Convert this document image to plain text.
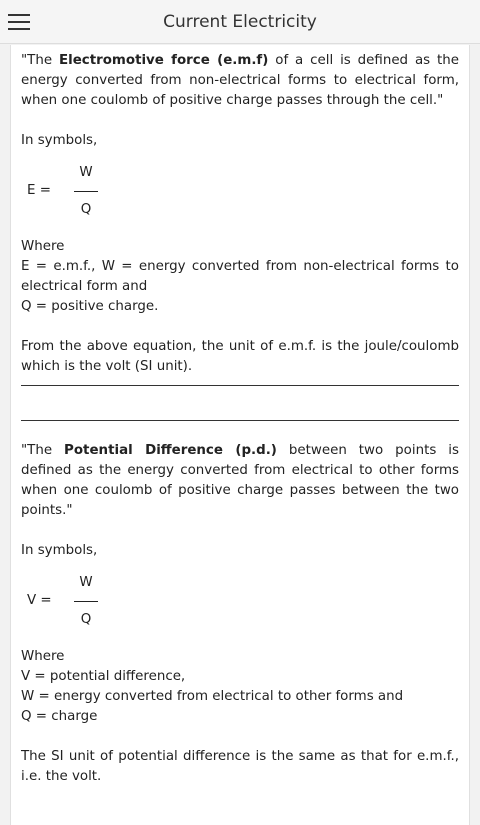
Current Electricity

"The Electromotive force (e.m.f) of a cell is defined as the energy converted from non-electrical forms to electrical form, when one coulomb of positive charge passes through the cell."

In symbols,

E =	$\frac{W}{Q}$

Where

E = e.m.f., W = energy converted from non-electrical forms to electrical form and

Q = positive charge.

From the above equation, the unit of e.m.f. is the joule/coulomb which is the volt (SI unit).

"The Potential Difference (p.d.) between two points is defined as the energy converted from electrical to other forms when one coulomb of positive charge passes between the two points."

In symbols,

V =	$\frac{W}{Q}$

Where

V = potential difference,

W = energy converted from electrical to other forms and

Q = charge

The SI unit of potential difference is the same as that for e.m.f., i.e. the volt.
